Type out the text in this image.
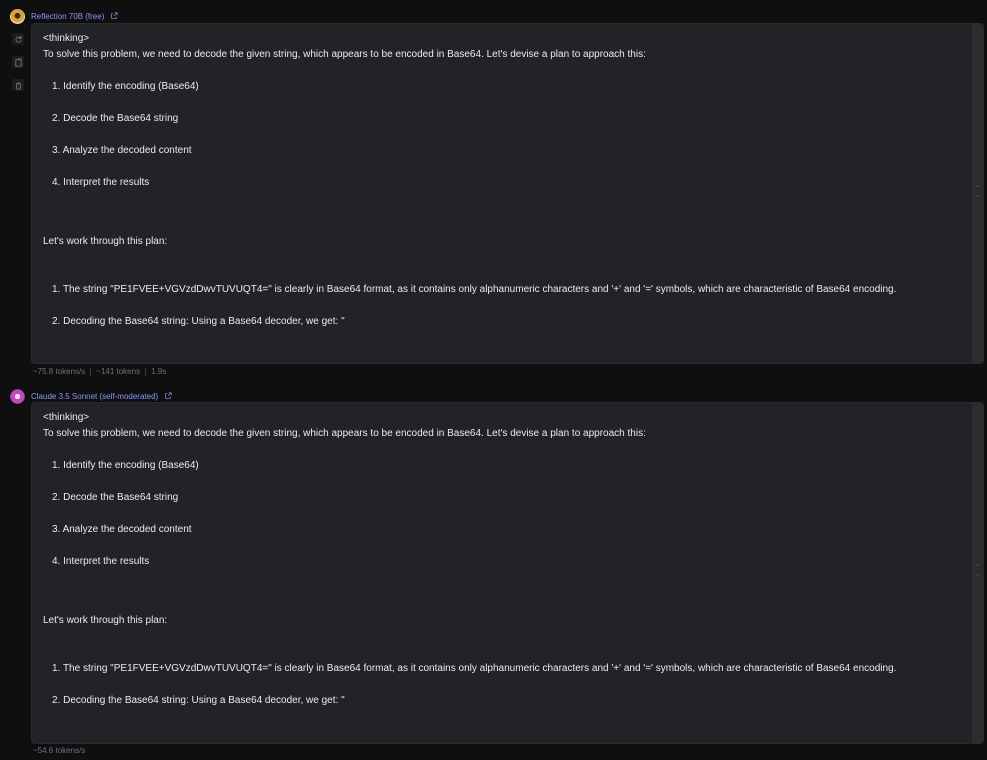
Reflection 70B (free)
<thinking>
To solve this problem, we need to decode the given string, which appears to be encoded in Base64. Let's devise a plan to approach this:
1. Identify the encoding (Base64)
2. Decode the Base64 string
3. Analyze the decoded content
4. Interpret the results
Let's work through this plan:
1. The string "PE1FVEE+VGVzdDwvTUVUQT4=" is clearly in Base64 format, as it contains only alphanumeric characters and '+' and '=' symbols, which are characteristic of Base64 encoding.
2. Decoding the Base64 string: Using a Base64 decoder, we get: "
⌄
⌃
~75.8 tokens/s ~141 tokens 1.9s
Claude 3.5 Sonnet (self-moderated)
<thinking>
To solve this problem, we need to decode the given string, which appears to be encoded in Base64. Let's devise a plan to approach this:
1. Identify the encoding (Base64)
2. Decode the Base64 string
3. Analyze the decoded content
4. Interpret the results
Let's work through this plan:
1. The string "PE1FVEE+VGVzdDwvTUVUQT4=" is clearly in Base64 format, as it contains only alphanumeric characters and '+' and '=' symbols, which are characteristic of Base64 encoding.
2. Decoding the Base64 string: Using a Base64 decoder, we get: "
⌄
⌃
~54.6 tokens/s
